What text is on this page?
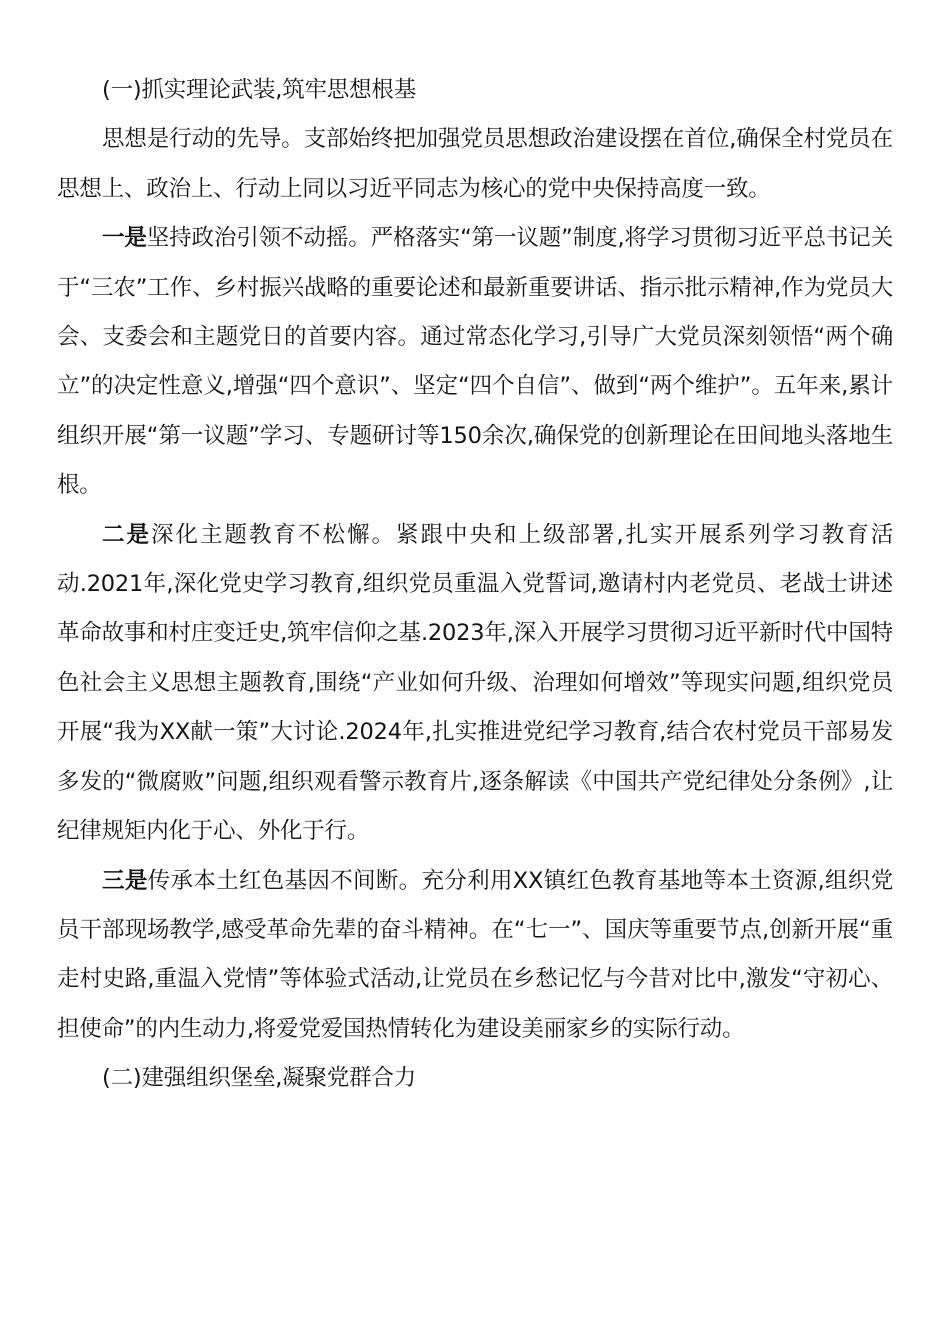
(一)抓实理论武装,筑牢思想根基

思想是行动的先导。支部始终把加强党员思想政治建设摆在首位,确保全村党员在思想上、政治上、行动上同以习近平同志为核心的党中央保持高度一致。

一是坚持政治引领不动摇。严格落实“第一议题”制度,将学习贯彻习近平总书记关于“三农”工作、乡村振兴战略的重要论述和最新重要讲话、指示批示精神,作为党员大会、支委会和主题党日的首要内容。通过常态化学习,引导广大党员深刻领悟“两个确立”的决定性意义,增强“四个意识”、坚定“四个自信”、做到“两个维护”。五年来,累计组织开展“第一议题”学习、专题研讨等150余次,确保党的创新理论在田间地头落地生根。

二是深化主题教育不松懈。紧跟中央和上级部署,扎实开展系列学习教育活动.2021年,深化党史学习教育,组织党员重温入党誓词,邀请村内老党员、老战士讲述革命故事和村庄变迁史,筑牢信仰之基.2023年,深入开展学习贯彻习近平新时代中国特色社会主义思想主题教育,围绕“产业如何升级、治理如何增效”等现实问题,组织党员开展“我为XX献一策”大讨论.2024年,扎实推进党纪学习教育,结合农村党员干部易发多发的“微腐败”问题,组织观看警示教育片,逐条解读《中国共产党纪律处分条例》,让纪律规矩内化于心、外化于行。

三是传承本土红色基因不间断。充分利用XX镇红色教育基地等本土资源,组织党员干部现场教学,感受革命先辈的奋斗精神。在“七一”、国庆等重要节点,创新开展“重走村史路,重温入党情”等体验式活动,让党员在乡愁记忆与今昔对比中,激发“守初心、担使命”的内生动力,将爱党爱国热情转化为建设美丽家乡的实际行动。

(二)建强组织堡垒,凝聚党群合力
